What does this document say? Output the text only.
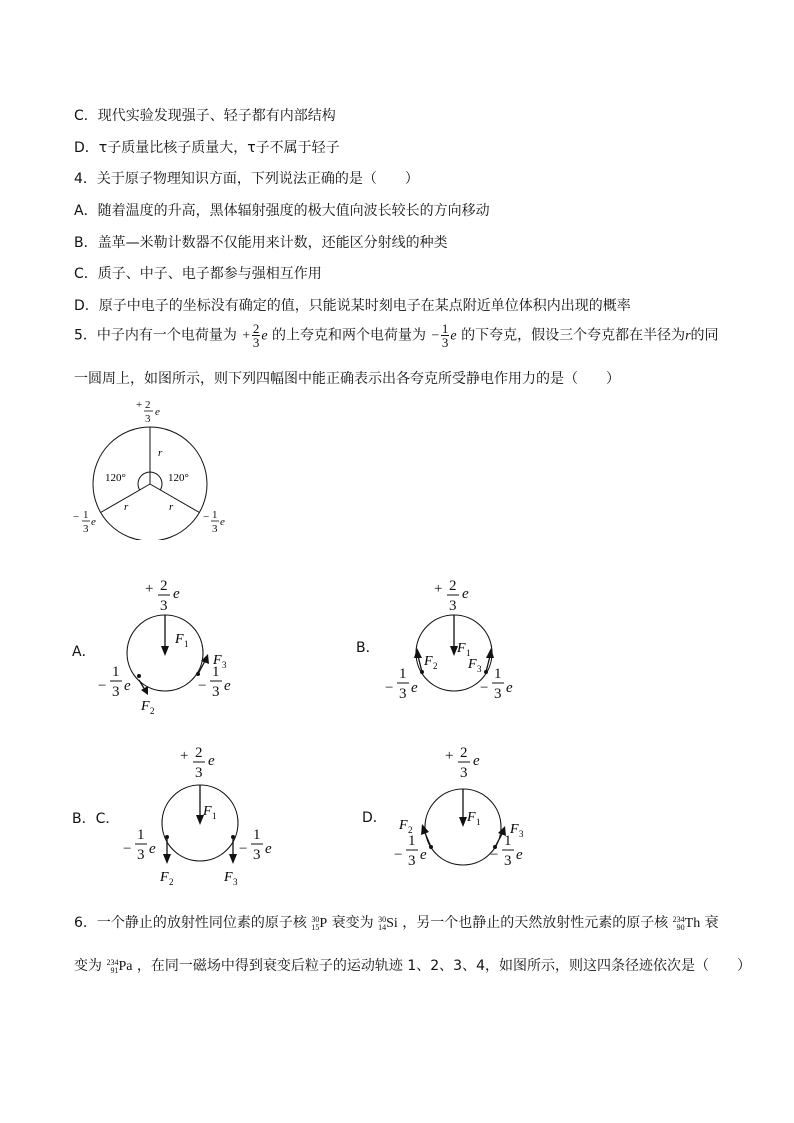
C．现代实验发现强子、轻子都有内部结构
D．τ子质量比核子质量大，τ子不属于轻子
4．关于原子物理知识方面，下列说法正确的是（　　）
A．随着温度的升高，黑体辐射强度的极大值向波长较长的方向移动
B．盖革—米勒计数器不仅能用来计数，还能区分射线的种类
C．质子、中子、电子都参与强相互作用
D．原子中电子的坐标没有确定的值，只能说某时刻电子在某点附近单位体积内出现的概率
5．中子内有一个电荷量为 + $\frac{2}{3}$ e 的上夸克和两个电荷量为 − $\frac{1}{3}$ e 的下夸克，假设三个夸克都在半径为r的同
一圆周上，如图所示，则下列四幅图中能正确表示出各夸克所受静电作用力的是（　　）
+ 2
3
e
r
r	r
120°	120°
− 1
3
e	− 1
3
e
A．
+ 2
3
e
F 1
F 2
F 3
−
1
3 e	−
1
3 e
B．
+ 2
3
e
F 1
F 2 F 3
−
1
3 e	−
1
3 e
B．C．
+ 2
3
e
F 1
F 2	F 3
−
1
3 e	−
1
3 e
D．
+ 2
3
e
F 1
F 2	F 3
−
1
3 e	−
1
3 e
6．一个静止的放射性同位素的原子核 30
15P 衰变为 30
14Si ，另一个也静止的天然放射性元素的原子核 234
90Th 衰
变为 234
91Pa ，在同一磁场中得到衰变后粒子的运动轨迹 1、2、3、4，如图所示，则这四条径迹依次是（　　）
